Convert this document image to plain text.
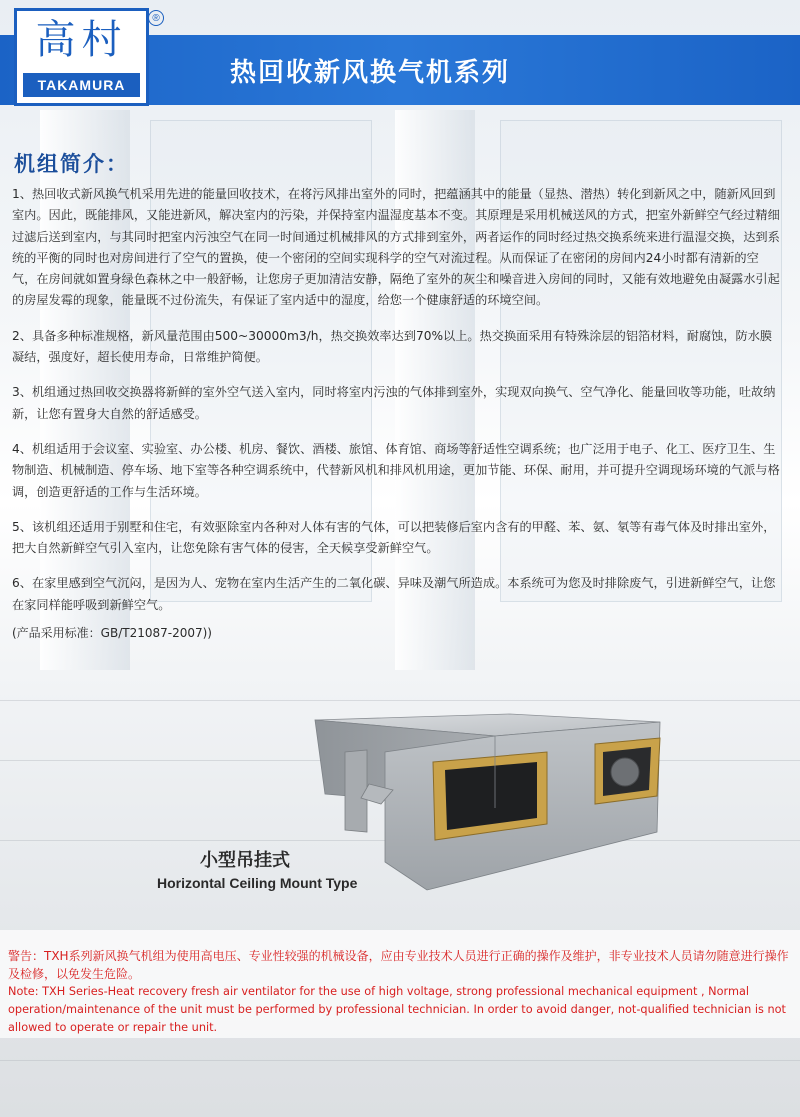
高村
TAKAMURA
®
热回收新风换气机系列
机组简介：

1、热回收式新风换气机采用先进的能量回收技术，在将污风排出室外的同时，把蕴涵其中的能量（显热、潜热）转化到新风之中，随新风回到室内。因此，既能排风，又能进新风，解决室内的污染，并保持室内温湿度基本不变。其原理是采用机械送风的方式，把室外新鲜空气经过精细过滤后送到室内，与其同时把室内污浊空气在同一时间通过机械排风的方式排到室外，两者运作的同时经过热交换系统来进行温湿交换，达到系统的平衡的同时也对房间进行了空气的置换，使一个密闭的空间实现科学的空气对流过程。从而保证了在密闭的房间内24小时都有清新的空气，在房间就如置身绿色森林之中一般舒畅，让您房子更加清洁安静，隔绝了室外的灰尘和噪音进入房间的同时，又能有效地避免由凝露水引起的房屋发霉的现象，能量既不过份流失，有保证了室内适中的湿度，给您一个健康舒适的环境空间。

2、具备多种标准规格，新风量范围由500~30000m3/h，热交换效率达到70%以上。热交换面采用有特殊涂层的铝箔材料，耐腐蚀，防水膜凝结，强度好，超长使用寿命，日常维护简便。

3、机组通过热回收交换器将新鲜的室外空气送入室内，同时将室内污浊的气体排到室外，实现双向换气、空气净化、能量回收等功能，吐故纳新，让您有置身大自然的舒适感受。

4、机组适用于会议室、实验室、办公楼、机房、餐饮、酒楼、旅馆、体育馆、商场等舒适性空调系统；也广泛用于电子、化工、医疗卫生、生物制造、机械制造、停车场、地下室等各种空调系统中，代替新风机和排风机用途，更加节能、环保、耐用，并可提升空调现场环境的气派与格调，创造更舒适的工作与生活环境。

5、该机组还适用于别墅和住宅，有效驱除室内各种对人体有害的气体，可以把装修后室内含有的甲醛、苯、氨、氡等有毒气体及时排出室外，把大自然新鲜空气引入室内，让您免除有害气体的侵害，全天候享受新鲜空气。

6、在家里感到空气沉闷，是因为人、宠物在室内生活产生的二氧化碳、异味及潮气所造成。本系统可为您及时排除废气，引进新鲜空气，让您在家同样能呼吸到新鲜空气。

(产品采用标准：GB/T21087-2007))
小型吊挂式
Horizontal Ceiling Mount Type

警告：TXH系列新风换气机组为使用高电压、专业性较强的机械设备，应由专业技术人员进行正确的操作及维护，非专业技术人员请勿随意进行操作及检修，以免发生危险。

Note: TXH Series-Heat recovery fresh air ventilator for the use of high voltage, strong professional mechanical equipment , Normal operation/maintenance of the unit must be performed by professional technician. In order to avoid danger, not-qualified technician is not allowed to operate or repair the unit.
